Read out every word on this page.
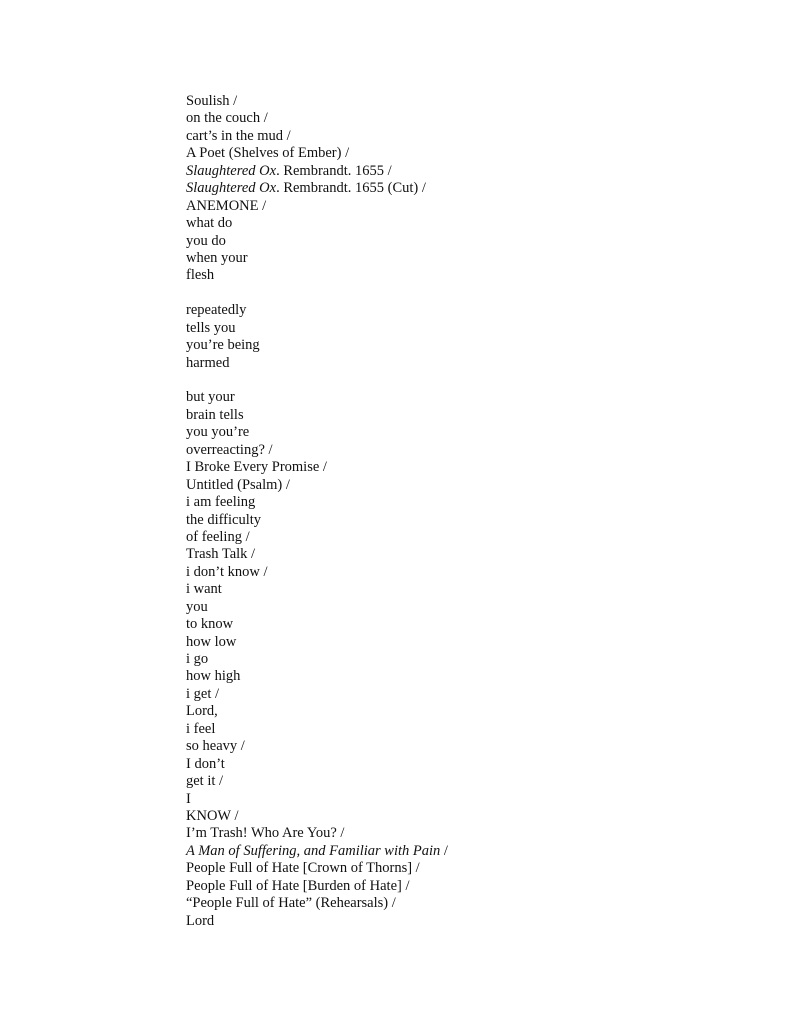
Soulish /
on the couch /
cart’s in the mud /
A Poet (Shelves of Ember) /
Slaughtered Ox. Rembrandt. 1655 /
Slaughtered Ox. Rembrandt. 1655 (Cut) /
ANEMONE /
what do
you do
when your
flesh
repeatedly
tells you
you’re being
harmed
but your
brain tells
you you’re
overreacting? /
I Broke Every Promise /
Untitled (Psalm) /
i am feeling
the difficulty
of feeling /
Trash Talk /
i don’t know /
i want
you
to know
how low
i go
how high
i get /
Lord,
i feel
so heavy /
I don’t
get it /
I
KNOW /
I’m Trash! Who Are You? /
A Man of Suffering, and Familiar with Pain /
People Full of Hate [Crown of Thorns] /
People Full of Hate [Burden of Hate] /
“People Full of Hate” (Rehearsals) /
Lord
